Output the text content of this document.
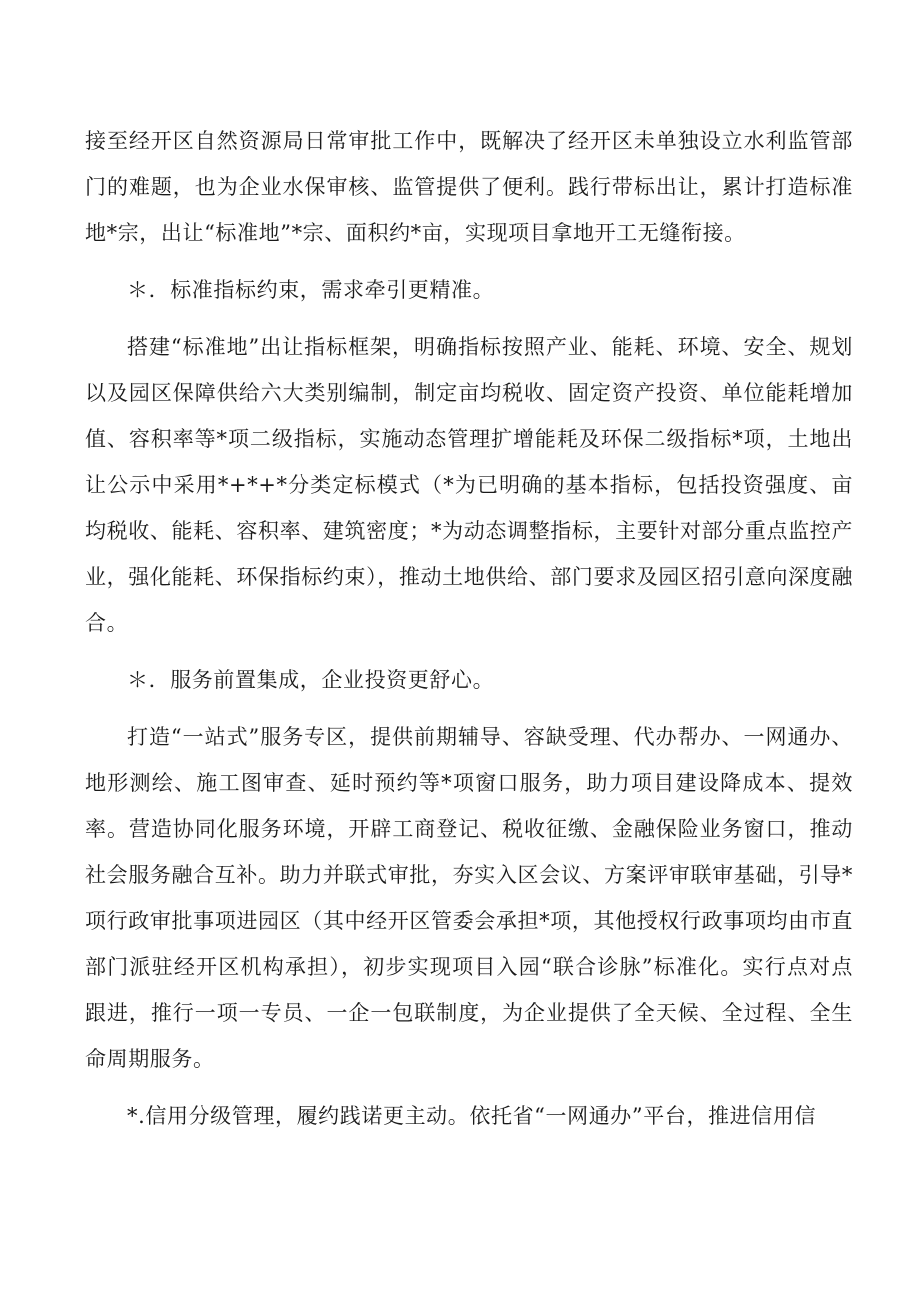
接至经开区自然资源局日常审批工作中，既解决了经开区未单独设立水利监管部门的难题，也为企业水保审核、监管提供了便利。践行带标出让，累计打造标准地*宗，出让“标准地”*宗、面积约*亩，实现项目拿地开工无缝衔接。

＊．标准指标约束，需求牵引更精准。

搭建“标准地”出让指标框架，明确指标按照产业、能耗、环境、安全、规划以及园区保障供给六大类别编制，制定亩均税收、固定资产投资、单位能耗增加值、容积率等*项二级指标，实施动态管理扩增能耗及环保二级指标*项，土地出让公示中采用*+*+*分类定标模式（*为已明确的基本指标，包括投资强度、亩均税收、能耗、容积率、建筑密度；*为动态调整指标，主要针对部分重点监控产业，强化能耗、环保指标约束），推动土地供给、部门要求及园区招引意向深度融合。

＊．服务前置集成，企业投资更舒心。

打造“一站式”服务专区，提供前期辅导、容缺受理、代办帮办、一网通办、地形测绘、施工图审查、延时预约等*项窗口服务，助力项目建设降成本、提效率。营造协同化服务环境，开辟工商登记、税收征缴、金融保险业务窗口，推动社会服务融合互补。助力并联式审批，夯实入区会议、方案评审联审基础，引导*项行政审批事项进园区（其中经开区管委会承担*项，其他授权行政事项均由市直部门派驻经开区机构承担），初步实现项目入园“联合诊脉”标准化。实行点对点跟进，推行一项一专员、一企一包联制度，为企业提供了全天候、全过程、全生命周期服务。

*.信用分级管理，履约践诺更主动。依托省“一网通办”平台，推进信用信
